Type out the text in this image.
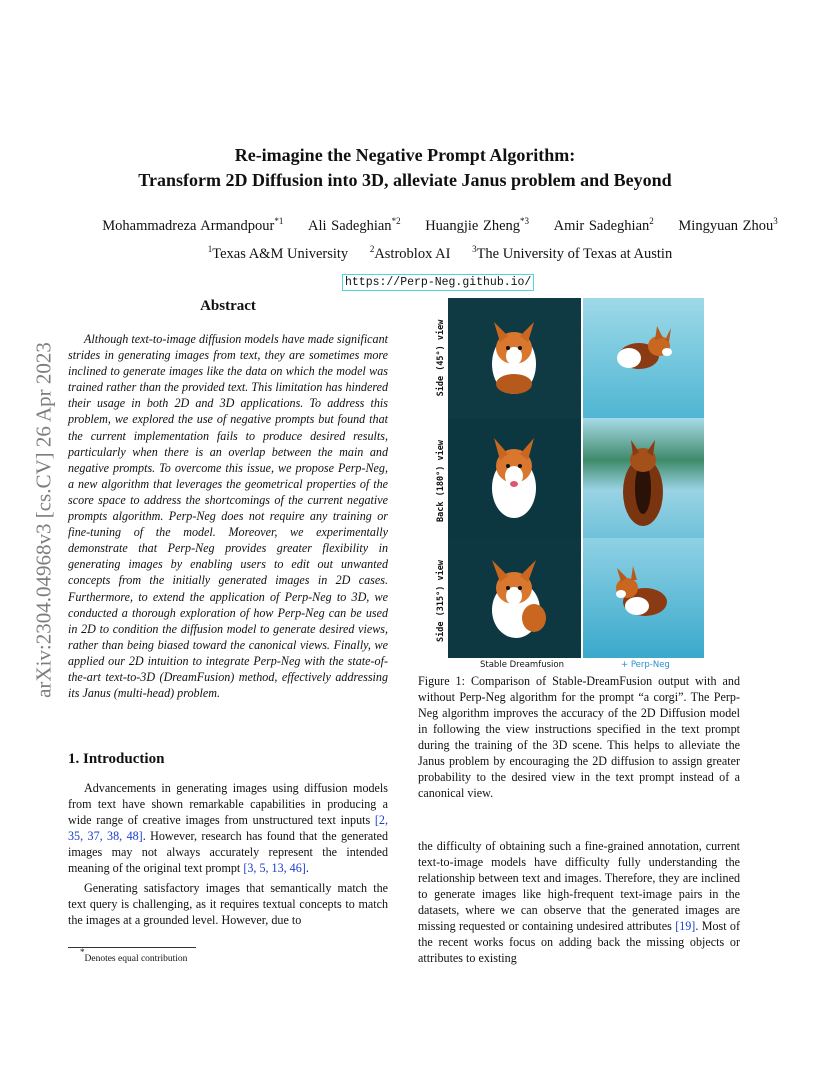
arXiv:2304.04968v3 [cs.CV] 26 Apr 2023
Re-imagine the Negative Prompt Algorithm:
Transform 2D Diffusion into 3D, alleviate Janus problem and Beyond
Mohammadreza Armandpour$^{*1}$ Ali Sadeghian$^{*2}$ Huangjie Zheng$^{*3}$ Amir Sadeghian$^2$ Mingyuan Zhou$^3$
$^1$Texas A&M University $^2$Astroblox AI $^3$The University of Texas at Austin
https://Perp-Neg.github.io/
Abstract
Although text-to-image diffusion models have made significant strides in generating images from text, they are sometimes more inclined to generate images like the data on which the model was trained rather than the provided text. This limitation has hindered their usage in both 2D and 3D applications. To address this problem, we explored the use of negative prompts but found that the current implementation fails to produce desired results, particularly when there is an overlap between the main and negative prompts. To overcome this issue, we propose Perp-Neg, a new algorithm that leverages the geometrical properties of the score space to address the shortcomings of the current negative prompts algorithm. Perp-Neg does not require any training or fine-tuning of the model. Moreover, we experimentally demonstrate that Perp-Neg provides greater flexibility in generating images by enabling users to edit out unwanted concepts from the initially generated images in 2D cases. Furthermore, to extend the application of Perp-Neg to 3D, we conducted a thorough exploration of how Perp-Neg can be used in 2D to condition the diffusion model to generate desired views, rather than being biased toward the canonical views. Finally, we applied our 2D intuition to integrate Perp-Neg with the state-of-the-art text-to-3D (DreamFusion) method, effectively addressing its Janus (multi-head) problem.
1. Introduction

Advancements in generating images using diffusion models from text have shown remarkable capabilities in producing a wide range of creative images from unstructured text inputs [2, 35, 37, 38, 48]. However, research has found that the generated images may not always accurately represent the intended meaning of the original text prompt [3, 5, 13, 46].

Generating satisfactory images that semantically match the text query is challenging, as it requires textual concepts to match the images at a grounded level. However, due to

*Denotes equal contribution
Side (45°) view
Back (180°) view
Side (315°) view
Stable Dreamfusion	+ Perp-Neg
Figure 1: Comparison of Stable-DreamFusion output with and without Perp-Neg algorithm for the prompt “a corgi”. The Perp-Neg algorithm improves the accuracy of the 2D Diffusion model in following the view instructions specified in the text prompt during the training of the 3D scene. This helps to alleviate the Janus problem by encouraging the 2D diffusion to assign greater probability to the desired view in the text prompt instead of a canonical view.
the difficulty of obtaining such a fine-grained annotation, current text-to-image models have difficulty fully understanding the relationship between text and images. Therefore, they are inclined to generate images like high-frequent text-image pairs in the datasets, where we can observe that the generated images are missing requested or containing undesired attributes [19]. Most of the recent works focus on adding back the missing objects or attributes to existing
